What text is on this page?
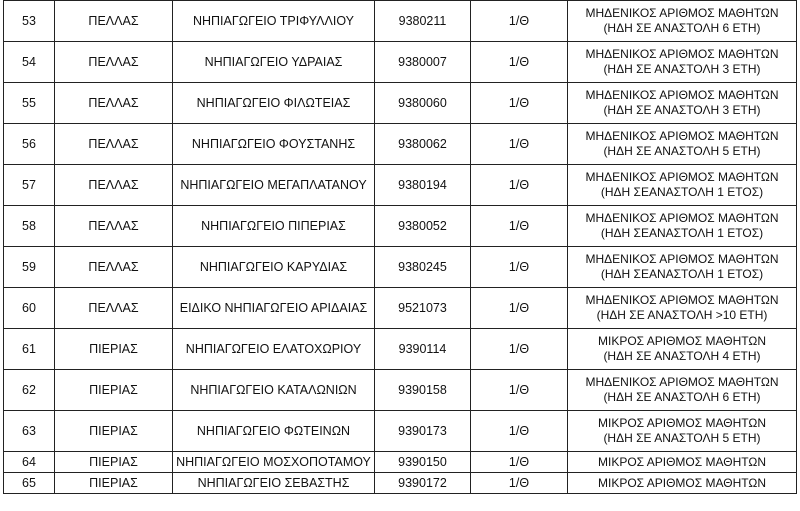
53	ΠΕΛΛΑΣ	ΝΗΠΙΑΓΩΓΕΙΟ ΤΡΙΦΥΛΛΙΟΥ	9380211	1/Θ	ΜΗΔΕΝΙΚΟΣ ΑΡΙΘΜΟΣ ΜΑΘΗΤΩΝ
(ΗΔΗ ΣΕ ΑΝΑΣΤΟΛΗ 6 ΕΤΗ)

54	ΠΕΛΛΑΣ	ΝΗΠΙΑΓΩΓΕΙΟ ΥΔΡΑΙΑΣ	9380007	1/Θ	ΜΗΔΕΝΙΚΟΣ ΑΡΙΘΜΟΣ ΜΑΘΗΤΩΝ
(ΗΔΗ ΣΕ ΑΝΑΣΤΟΛΗ 3 ΕΤΗ)

55	ΠΕΛΛΑΣ	ΝΗΠΙΑΓΩΓΕΙΟ ΦΙΛΩΤΕΙΑΣ	9380060	1/Θ	ΜΗΔΕΝΙΚΟΣ ΑΡΙΘΜΟΣ ΜΑΘΗΤΩΝ
(ΗΔΗ ΣΕ ΑΝΑΣΤΟΛΗ 3 ΕΤΗ)

56	ΠΕΛΛΑΣ	ΝΗΠΙΑΓΩΓΕΙΟ ΦΟΥΣΤΑΝΗΣ	9380062	1/Θ	ΜΗΔΕΝΙΚΟΣ ΑΡΙΘΜΟΣ ΜΑΘΗΤΩΝ
(ΗΔΗ ΣΕ ΑΝΑΣΤΟΛΗ 5 ΕΤΗ)

57	ΠΕΛΛΑΣ	ΝΗΠΙΑΓΩΓΕΙΟ ΜΕΓΑΠΛΑΤΑΝΟΥ	9380194	1/Θ	ΜΗΔΕΝΙΚΟΣ ΑΡΙΘΜΟΣ ΜΑΘΗΤΩΝ
(ΗΔΗ ΣΕΑΝΑΣΤΟΛΗ 1 ΕΤΟΣ)

58	ΠΕΛΛΑΣ	ΝΗΠΙΑΓΩΓΕΙΟ ΠΙΠΕΡΙΑΣ	9380052	1/Θ	ΜΗΔΕΝΙΚΟΣ ΑΡΙΘΜΟΣ ΜΑΘΗΤΩΝ
(ΗΔΗ ΣΕΑΝΑΣΤΟΛΗ 1 ΕΤΟΣ)

59	ΠΕΛΛΑΣ	ΝΗΠΙΑΓΩΓΕΙΟ ΚΑΡΥΔΙΑΣ	9380245	1/Θ	ΜΗΔΕΝΙΚΟΣ ΑΡΙΘΜΟΣ ΜΑΘΗΤΩΝ
(ΗΔΗ ΣΕΑΝΑΣΤΟΛΗ 1 ΕΤΟΣ)

60	ΠΕΛΛΑΣ	ΕΙΔΙΚΟ ΝΗΠΙΑΓΩΓΕΙΟ ΑΡΙΔΑΙΑΣ	9521073	1/Θ	ΜΗΔΕΝΙΚΟΣ ΑΡΙΘΜΟΣ ΜΑΘΗΤΩΝ
(ΗΔΗ ΣΕ ΑΝΑΣΤΟΛΗ >10 ΕΤΗ)

61	ΠΙΕΡΙΑΣ	ΝΗΠΙΑΓΩΓΕΙΟ ΕΛΑΤΟΧΩΡΙΟΥ	9390114	1/Θ	ΜΙΚΡΟΣ ΑΡΙΘΜΟΣ ΜΑΘΗΤΩΝ
(ΗΔΗ ΣΕ ΑΝΑΣΤΟΛΗ 4 ΕΤΗ)

62	ΠΙΕΡΙΑΣ	ΝΗΠΙΑΓΩΓΕΙΟ ΚΑΤΑΛΩΝΙΩΝ	9390158	1/Θ	ΜΗΔΕΝΙΚΟΣ ΑΡΙΘΜΟΣ ΜΑΘΗΤΩΝ
(ΗΔΗ ΣΕ ΑΝΑΣΤΟΛΗ 6 ΕΤΗ)

63	ΠΙΕΡΙΑΣ	ΝΗΠΙΑΓΩΓΕΙΟ ΦΩΤΕΙΝΩΝ	9390173	1/Θ	ΜΙΚΡΟΣ ΑΡΙΘΜΟΣ ΜΑΘΗΤΩΝ
(ΗΔΗ ΣΕ ΑΝΑΣΤΟΛΗ 5 ΕΤΗ)

64	ΠΙΕΡΙΑΣ	ΝΗΠΙΑΓΩΓΕΙΟ ΜΟΣΧΟΠΟΤΑΜΟΥ	9390150	1/Θ	ΜΙΚΡΟΣ ΑΡΙΘΜΟΣ ΜΑΘΗΤΩΝ

65	ΠΙΕΡΙΑΣ	ΝΗΠΙΑΓΩΓΕΙΟ ΣΕΒΑΣΤΗΣ	9390172	1/Θ	ΜΙΚΡΟΣ ΑΡΙΘΜΟΣ ΜΑΘΗΤΩΝ
